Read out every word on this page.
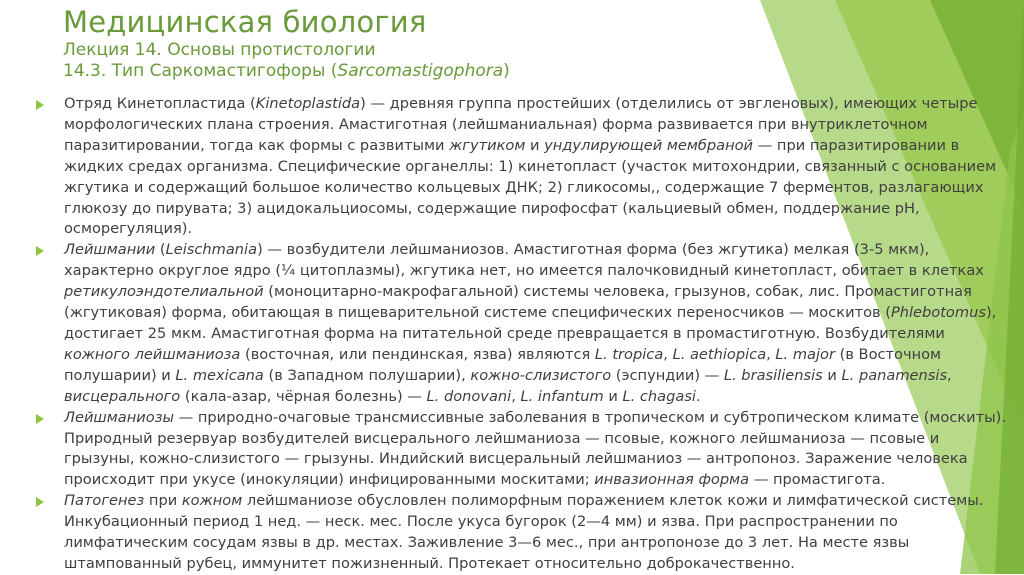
Медицинская биология
Лекция 14. Основы протистологии
14.3. Тип Саркомастигофоры (Sarcomastigophora)

Отряд Кинетопластида (Kinetoplastida) — древняя группа простейших (отделились от эвгленовых), имеющих четыре морфологических плана строения. Амастиготная (лейшманиальная) форма развивается при внутриклеточном паразитировании, тогда как формы с развитыми жгутиком и ундулирующей мембраной — при паразитировании в жидких средах организма. Специфические органеллы: 1) кинетопласт (участок митохондрии, связанный с основанием жгутика и содержащий большое количество кольцевых ДНК; 2) гликосомы,, содержащие 7 ферментов, разлагающих глюкозу до пирувата; 3) ацидокальциосомы, содержащие пирофосфат (кальциевый обмен, поддержание рН, осморегуляция).

Лейшмании (Leischmania) — возбудители лейшманиозов. Амастиготная форма (без жгутика) мелкая (3-5 мкм), характерно округлое ядро (¼ цитоплазмы), жгутика нет, но имеется палочковидный кинетопласт, обитает в клетках ретикулоэндотелиальной (моноцитарно-макрофагальной) системы человека, грызунов, собак, лис. Промастиготная (жгутиковая) форма, обитающая в пищеварительной системе специфических переносчиков — москитов (Phlebotomus), достигает 25 мкм. Амастиготная форма на питательной среде превращается в промастиготную. Возбудителями кожного лейшманиоза (восточная, или пендинская, язва) являются L. tropica, L. aethiopica, L. major (в Восточном полушарии) и L. mexicana (в Западном полушарии), кожно-слизистого (эспундии) — L. brasiliensis и L. panamensis, висцерального (кала-азар, чёрная болезнь) — L. donovani, L. infantum и L. chagasi.

Лейшманиозы — природно-очаговые трансмиссивные заболевания в тропическом и субтропическом климате (москиты). Природный резервуар возбудителей висцерального лейшманиоза — псовые, кожного лейшманиоза — псовые и грызуны, кожно-слизистого — грызуны. Индийский висцеральный лейшманиоз — антропоноз. Заражение человека происходит при укусе (инокуляции) инфицированными москитами; инвазионная форма — промастигота.

Патогенез при кожном лейшманиозе обусловлен полиморфным поражением клеток кожи и лимфатической системы. Инкубационный период 1 нед. — неск. мес. После укуса бугорок (2—4 мм) и язва. При распространении по лимфатическим сосудам язвы в др. местах. Заживление 3—6 мес., при антропонозе до 3 лет. На месте язвы штампованный рубец, иммунитет пожизненный. Протекает относительно доброкачественно.
